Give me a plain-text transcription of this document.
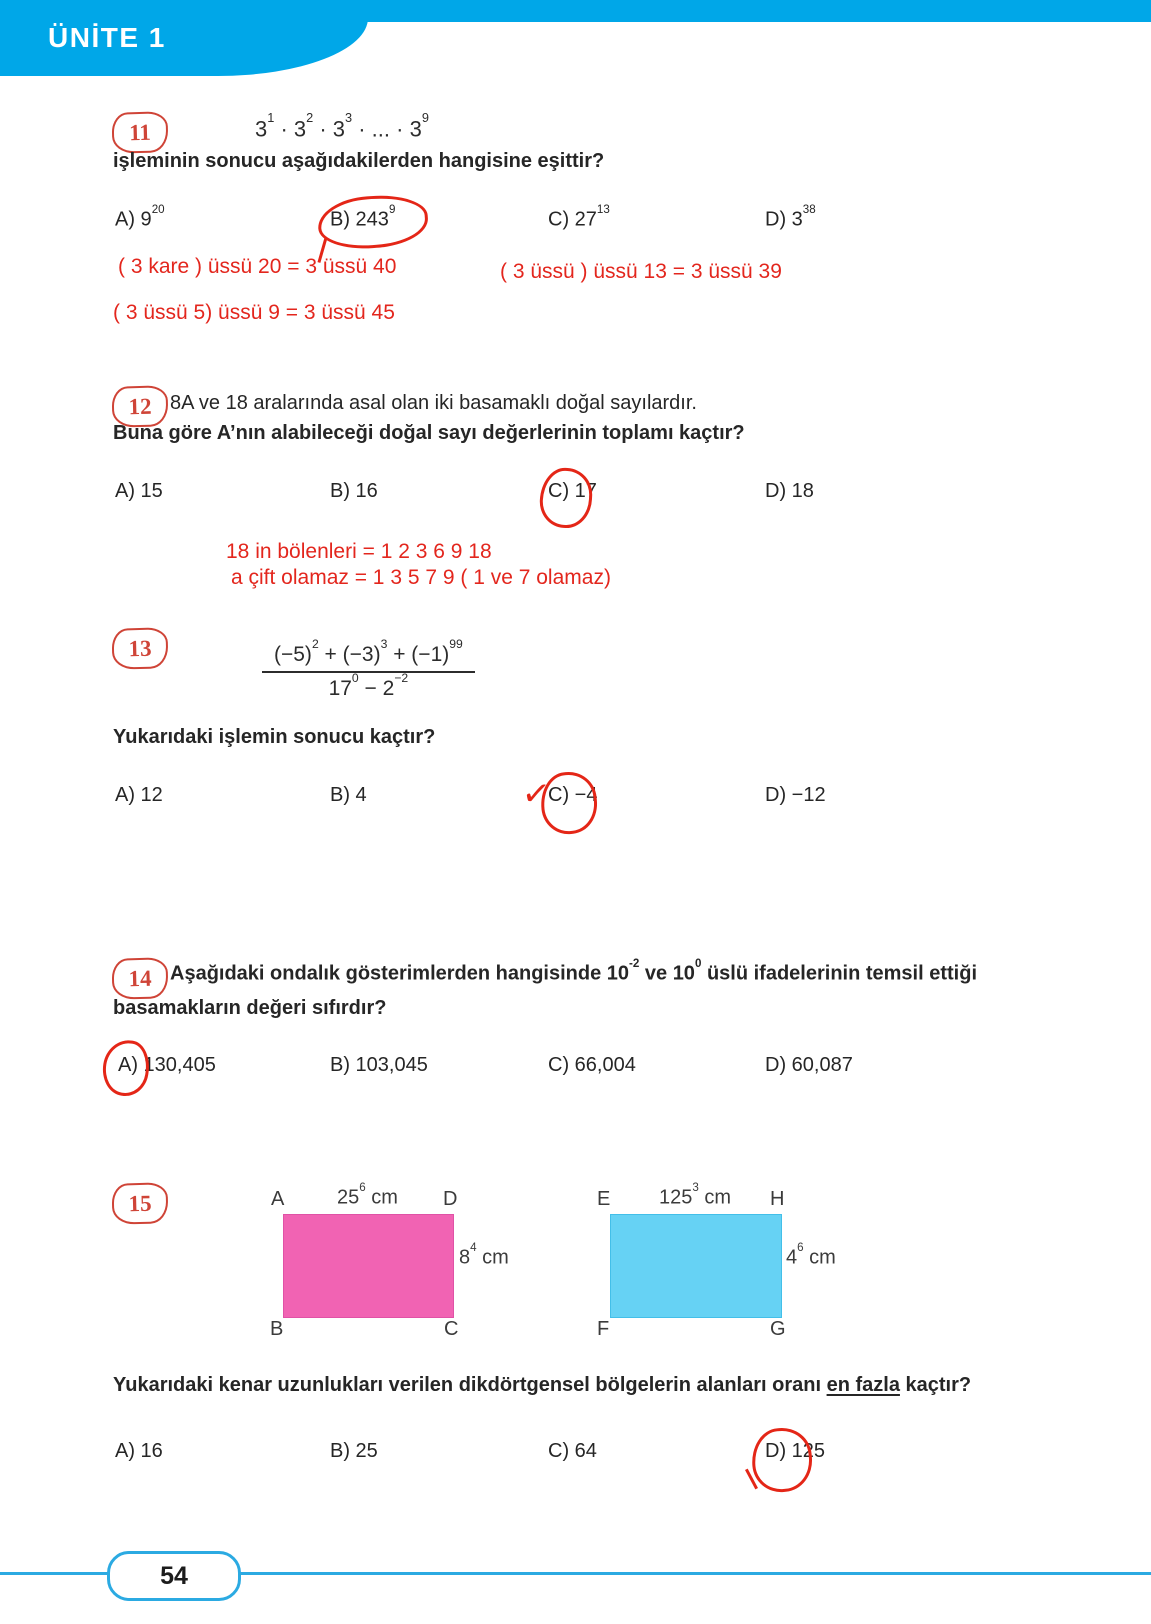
ÜNİTE 1
11	$3^1 \cdot 3^2 \cdot 3^3$ · ... · $3^9$
işleminin sonucu aşağıdakilerden hangisine eşittir?
A) $9^{20}$	B) $243^9$	C) $27^{13}$	D) $3^{38}$
( 3 kare ) üssü 20 = 3 üssü 40	( 3 üssü ) üssü 13 = 3 üssü 39
( 3 üssü 5) üssü 9 = 3 üssü 45
12 8A ve 18 aralarında asal olan iki basamaklı doğal sayılardır.
Buna göre A’nın alabileceği doğal sayı değerlerinin toplamı kaçtır?
A) 15	B) 16	C) 17	D) 18
18 in bölenleri = 1 2 3 6 9 18
a çift olamaz = 1 3 5 7 9 ( 1 ve 7 olamaz)
13	$\frac{(-5)^2 + (-3)^3 + (-1)^{99}}{17^0 - 2^{-2}}$
Yukarıdaki işlemin sonucu kaçtır?
A) 12	B) 4	C) −4	D) −12
✓
14 Aşağıdaki ondalık gösterimlerden hangisinde $10^{-2}$ ve $10^0$ üslü ifadelerinin temsil ettiği
basamakların değeri sıfırdır?
A) 130,405	B) 103,045	C) 66,004	D) 60,087
15	A	D
B	C
$25^6$ cm
$8^4$ cm
E	H
F	G
$125^3$ cm
$4^6$ cm
Yukarıdaki kenar uzunlukları verilen dikdörtgensel bölgelerin alanları oranı en fazla kaçtır?
A) 16	B) 25	C) 64	D) 125
54
